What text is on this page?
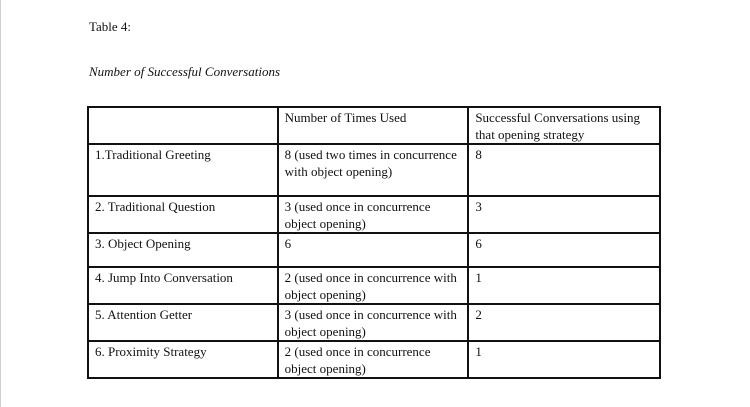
Table 4:
Number of Successful Conversations
	Number of Times Used	Successful Conversations using that opening strategy
1.Traditional Greeting	8 (used two times in concurrence with object opening)	8
2. Traditional Question	3 (used once in concurrence object opening)	3
3. Object Opening	6	6
4. Jump Into Conversation	2 (used once in concurrence with object opening)	1
5. Attention Getter	3 (used once in concurrence with object opening)	2
6. Proximity Strategy	2 (used once in concurrence object opening)	1
